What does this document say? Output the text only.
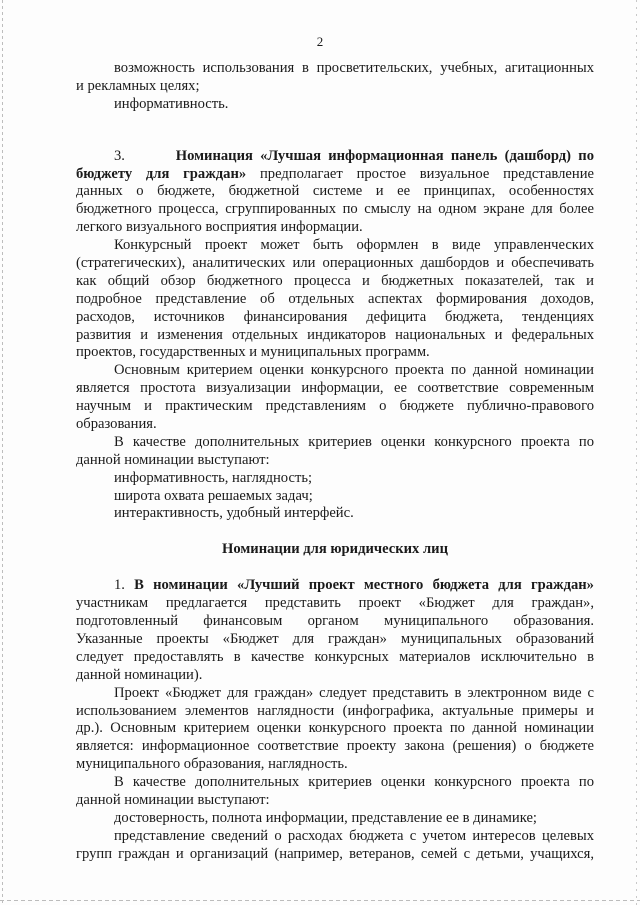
2
возможность использования в просветительских, учебных, агитационных
и рекламных целях;
информативность.
3.	Номинация «Лучшая информационная панель (дашборд) по
бюджету для граждан» предполагает простое визуальное представление
данных о бюджете, бюджетной системе и ее принципах, особенностях
бюджетного процесса, сгруппированных по смыслу на одном экране для более
легкого визуального восприятия информации.
Конкурсный проект может быть оформлен в виде управленческих
(стратегических), аналитических или операционных дашбордов и обеспечивать
как общий обзор бюджетного процесса и бюджетных показателей, так и
подробное представление об отдельных аспектах формирования доходов,
расходов, источников финансирования дефицита бюджета, тенденциях
развития и изменения отдельных индикаторов национальных и федеральных
проектов, государственных и муниципальных программ.
Основным критерием оценки конкурсного проекта по данной номинации
является простота визуализации информации, ее соответствие современным
научным и практическим представлениям о бюджете публично-правового
образования.
В качестве дополнительных критериев оценки конкурсного проекта по
данной номинации выступают:
информативность, наглядность;
широта охвата решаемых задач;
интерактивность, удобный интерфейс.
Номинации для юридических лиц
1. В номинации «Лучший проект местного бюджета для граждан»
участникам предлагается представить проект «Бюджет для граждан»,
подготовленный финансовым органом муниципального образования.
Указанные проекты «Бюджет для граждан» муниципальных образований
следует предоставлять в качестве конкурсных материалов исключительно в
данной номинации).
Проект «Бюджет для граждан» следует представить в электронном виде с
использованием элементов наглядности (инфографика, актуальные примеры и
др.). Основным критерием оценки конкурсного проекта по данной номинации
является: информационное соответствие проекту закона (решения) о бюджете
муниципального образования, наглядность.
В качестве дополнительных критериев оценки конкурсного проекта по
данной номинации выступают:
достоверность, полнота информации, представление ее в динамике;
представление сведений о расходах бюджета с учетом интересов целевых
групп граждан и организаций (например, ветеранов, семей с детьми, учащихся,
